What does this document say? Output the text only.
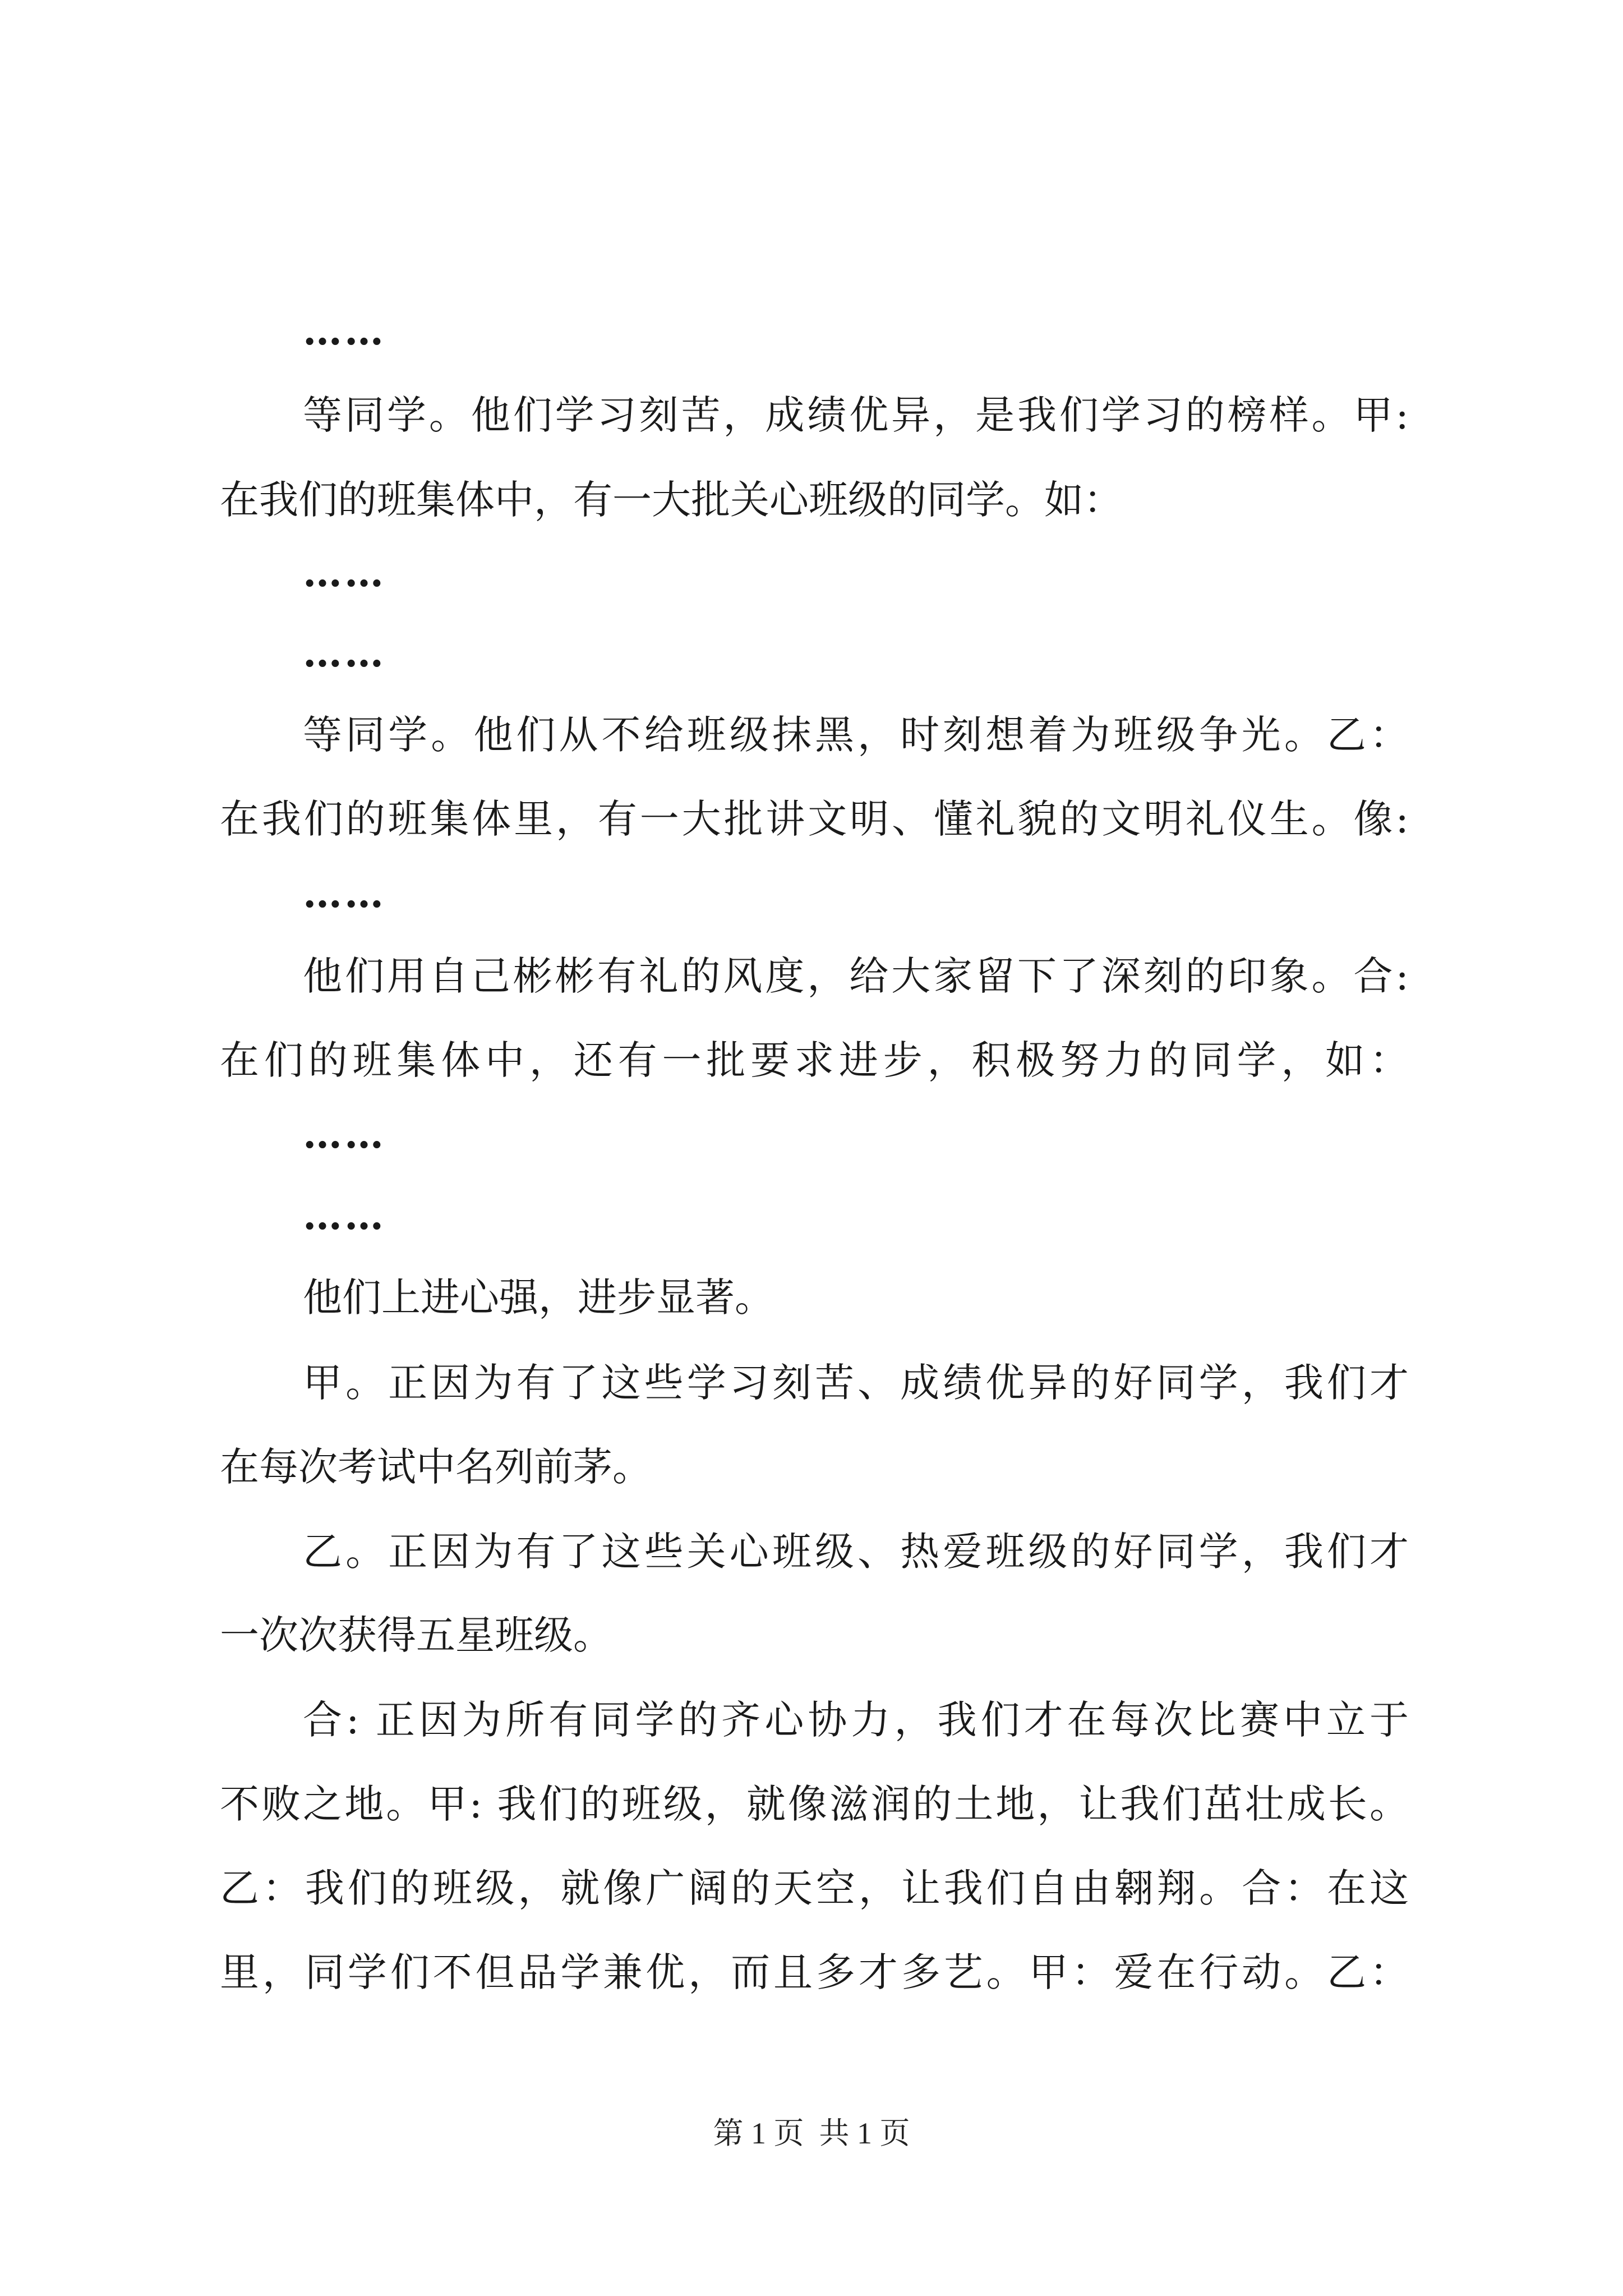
……

等同学。他们学习刻苦，成绩优异，是我们学习的榜样。甲:

在我们的班集体中，有一大批关心班级的同学。如：

……

……

等同学。他们从不给班级抹黑，时刻想着为班级争光。乙：

在我们的班集体里，有一大批讲文明、懂礼貌的文明礼仪生。像:

……

他们用自己彬彬有礼的风度，给大家留下了深刻的印象。合:

在们的班集体中，还有一批要求进步，积极努力的同学，如：

……

……

他们上进心强，进步显著。

甲。正因为有了这些学习刻苦、成绩优异的好同学，我们才

在每次考试中名列前茅。

乙。正因为有了这些关心班级、热爱班级的好同学，我们才

一次次获得五星班级。

合: 正因为所有同学的齐心协力，我们才在每次比赛中立于

不败之地。甲: 我们的班级，就像滋润的土地，让我们茁壮成长。

乙：我们的班级，就像广阔的天空，让我们自由翱翔。合：在这

里，同学们不但品学兼优，而且多才多艺。甲：爱在行动。乙：

第 1 页  共 1 页
